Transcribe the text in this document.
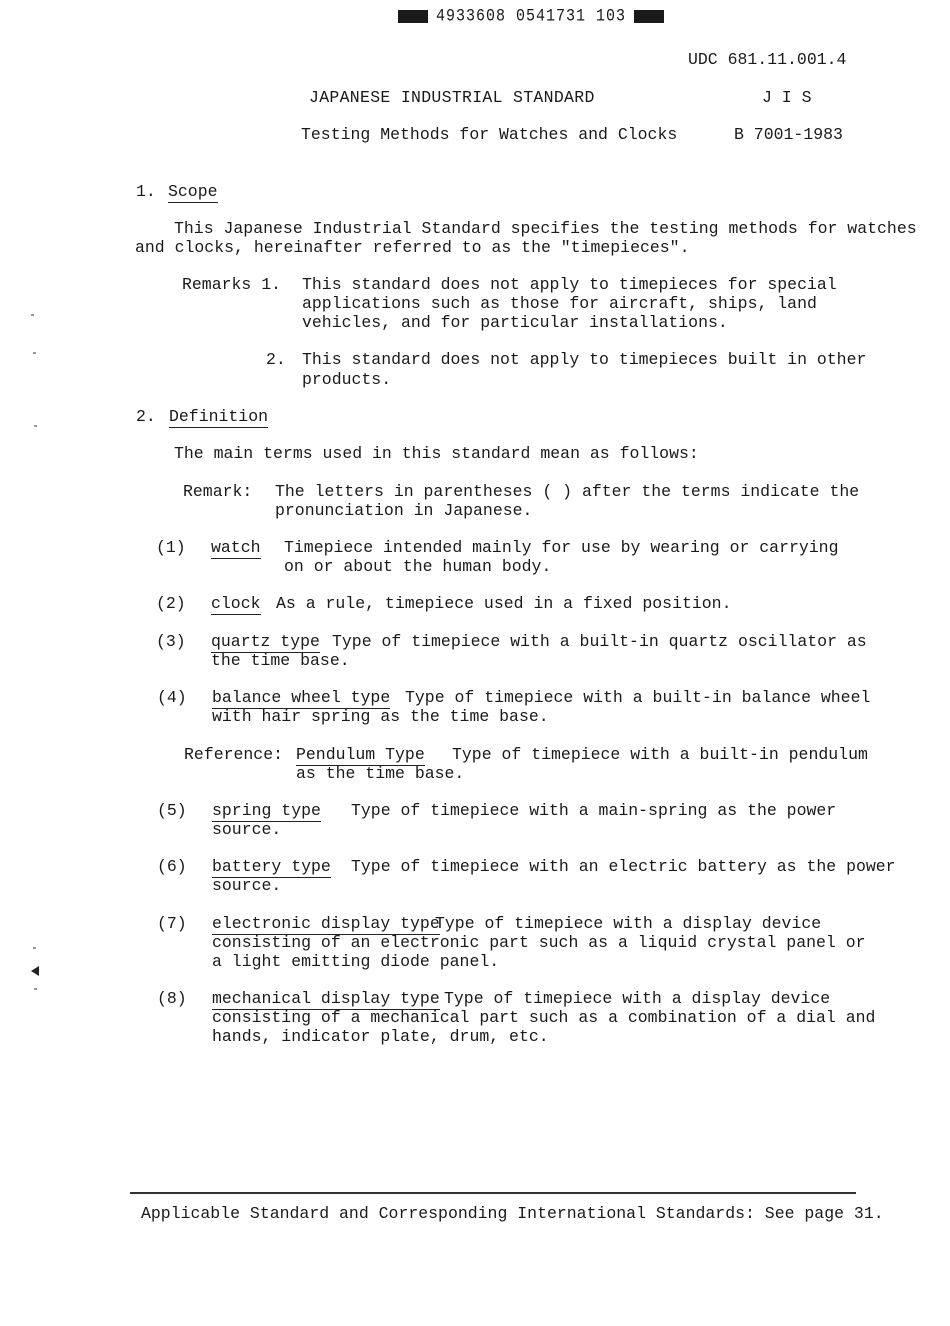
4933608 0541731 103
UDC 681.11.001.4
JAPANESE INDUSTRIAL STANDARD	J I S
Testing Methods for Watches and Clocks	B 7001-1983
1. Scope
This Japanese Industrial Standard specifies the testing methods for watches
and clocks, hereinafter referred to as the "timepieces".
Remarks 1. This standard does not apply to timepieces for special
applications such as those for aircraft, ships, land
vehicles, and for particular installations.
2. This standard does not apply to timepieces built in other
products.
2. Definition
The main terms used in this standard mean as follows:
Remark: The letters in parentheses ( ) after the terms indicate the
pronunciation in Japanese.
(1) watch Timepiece intended mainly for use by wearing or carrying
on or about the human body.
(2) clock As a rule, timepiece used in a fixed position.
(3) quartz type Type of timepiece with a built-in quartz oscillator as
the time base.
(4) balance wheel type Type of timepiece with a built-in balance wheel
with hair spring as the time base.
Reference: Pendulum Type Type of timepiece with a built-in pendulum
as the time base.
(5) spring type Type of timepiece with a main-spring as the power
source.
(6) battery type Type of timepiece with an electric battery as the power
source.
(7) electronic display type
Type of timepiece with a display device
consisting of an electronic part such as a liquid crystal panel or
a light emitting diode panel.
(8) mechanical display type Type of timepiece with a display device
consisting of a mechanical part such as a combination of a dial and
hands, indicator plate, drum, etc.
Applicable Standard and Corresponding International Standards: See page 31.
